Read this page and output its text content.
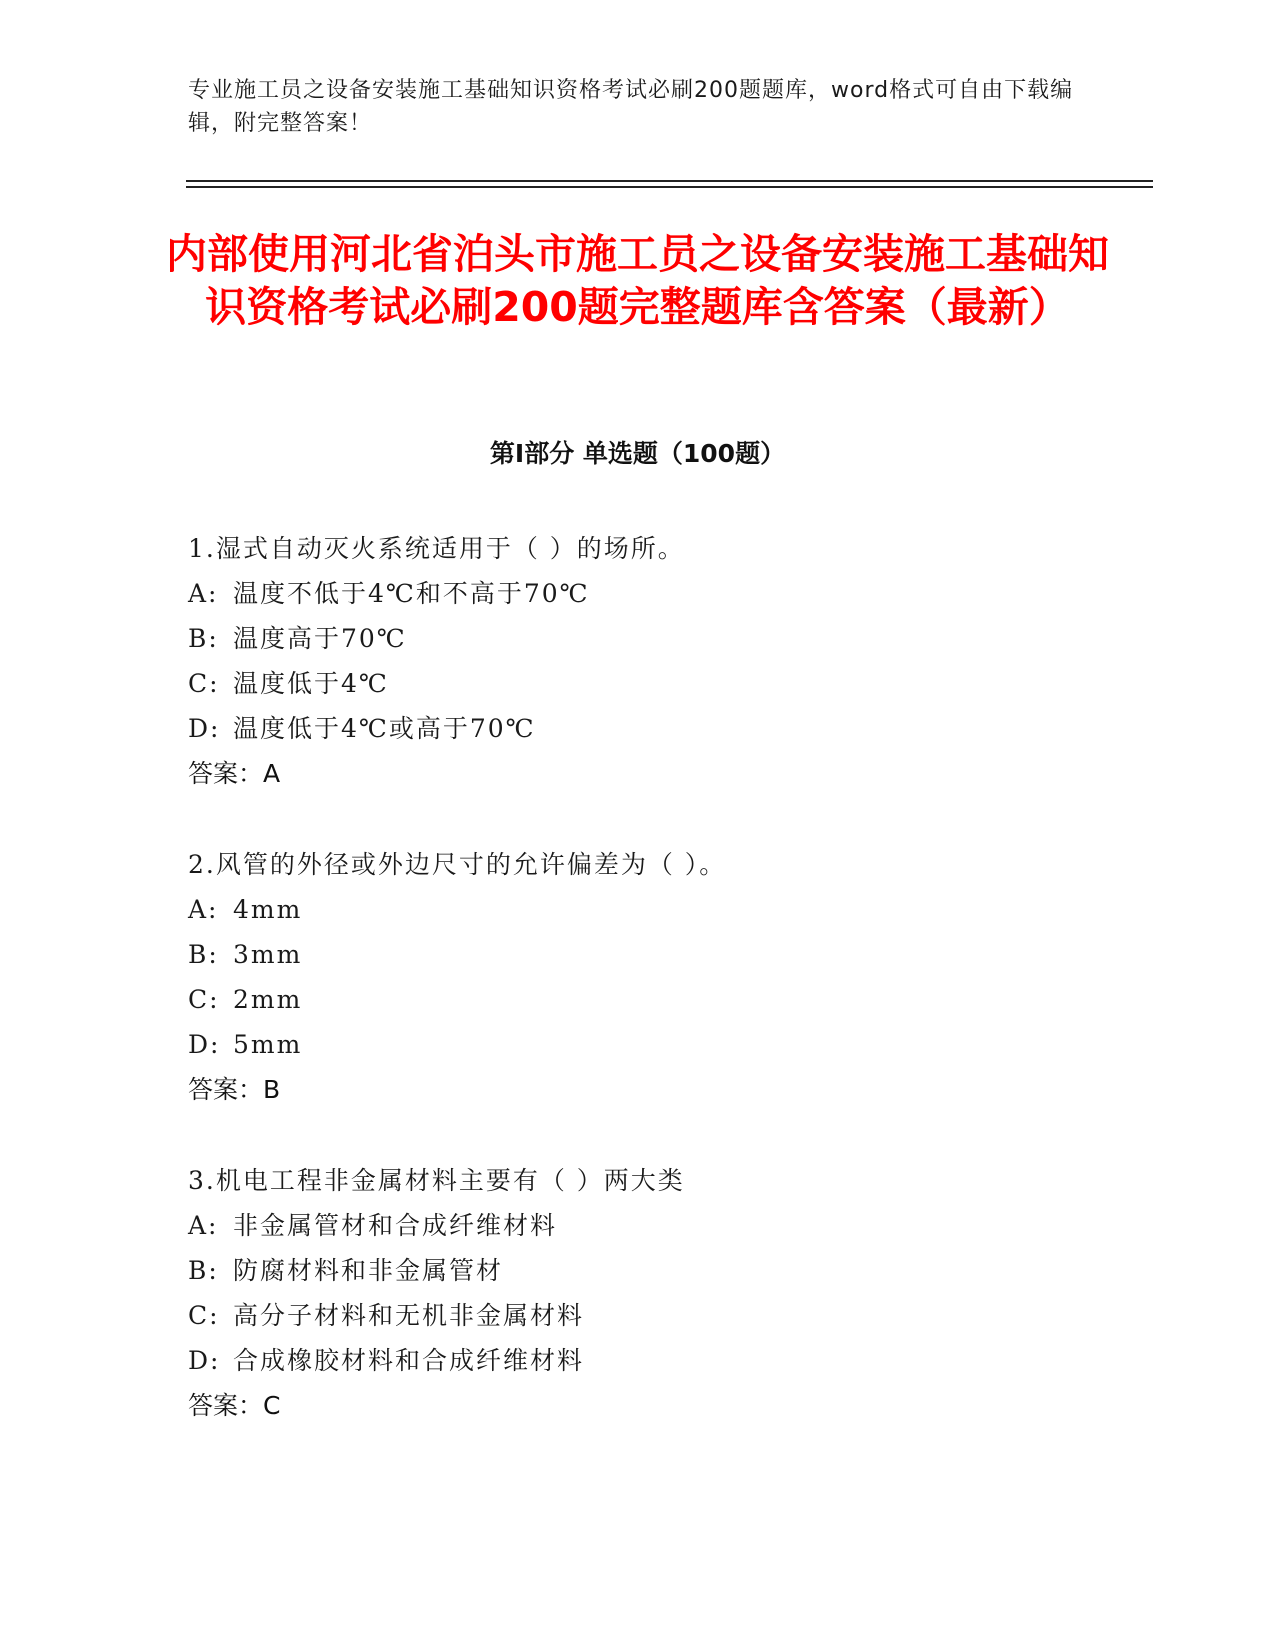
专业施工员之设备安装施工基础知识资格考试必刷200题题库，word格式可自由下载编辑，附完整答案！

内部使用河北省泊头市施工员之设备安装施工基础知识资格考试必刷200题完整题库含答案（最新）
第I部分 单选题（100题）
1.湿式自动灭火系统适用于（ ）的场所。
A: 温度不低于4℃和不高于70℃
B: 温度高于70℃
C: 温度低于4℃
D: 温度低于4℃或高于70℃
答案：A
2.风管的外径或外边尺寸的允许偏差为（ ）。
A: 4mm
B: 3mm
C: 2mm
D: 5mm
答案：B
3.机电工程非金属材料主要有（ ）两大类
A: 非金属管材和合成纤维材料
B: 防腐材料和非金属管材
C: 高分子材料和无机非金属材料
D: 合成橡胶材料和合成纤维材料
答案：C
